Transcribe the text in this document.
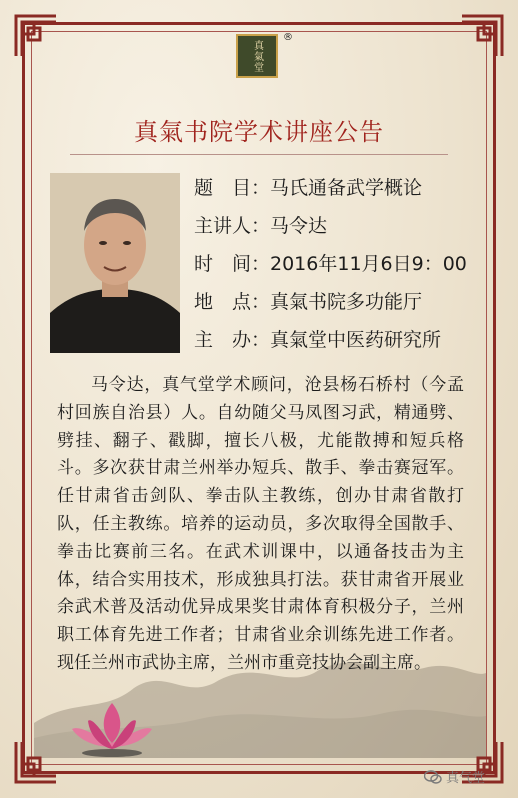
真氣堂
®
真氣书院学术讲座公告
题　目：马氏通备武学概论
主讲人：马令达
时　间：2016年11月6日9：00
地　点：真氣书院多功能厅
主　办：真氣堂中医药研究所
马令达，真气堂学术顾问，沧县杨石桥村（今孟村回族自治县）人。自幼随父马凤图习武，精通劈、劈挂、翻子、戳脚，擅长八极，尤能散搏和短兵格斗。多次获甘肃兰州举办短兵、散手、拳击赛冠军。任甘肃省击剑队、拳击队主教练，创办甘肃省散打队，任主教练。培养的运动员，多次取得全国散手、拳击比赛前三名。在武术训课中，以通备技击为主体，结合实用技术，形成独具打法。获甘肃省开展业余武术普及活动优异成果奖甘肃体育积极分子，兰州职工体育先进工作者；甘肃省业余训练先进工作者。现任兰州市武协主席，兰州市重竞技协会副主席。
真气堂
